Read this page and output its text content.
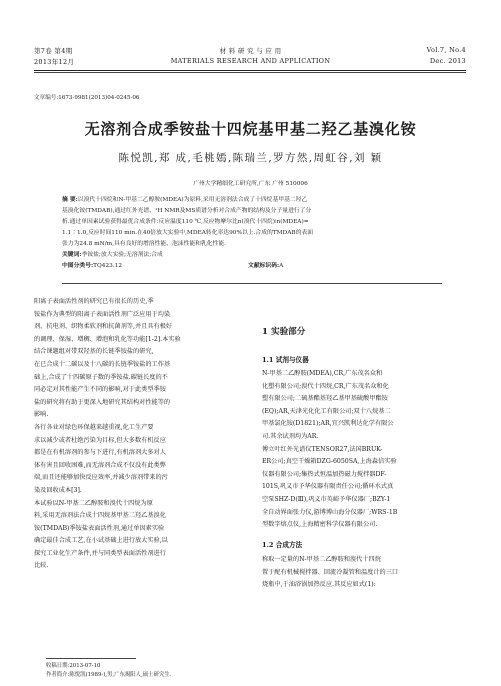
第7卷 第4期
2013年12月
材 料 研 究 与 应 用
MATERIALS RESEARCH AND APPLICATION
Vol.7, No.4
Dec. 2013
文章编号:1673-9981(2013)04-0245-06
无溶剂合成季铵盐十四烷基甲基二羟乙基溴化铵
陈悦凯,郑 成,毛桃嫣,陈瑞兰,罗方然,周虹谷,刘 颖
广州大学精细化工研究所,广东 广州 510006
摘 要:以溴代十四烷和N-甲基二乙醇胺(MDEA)为原料,采用无溶剂法合成了十四烷基甲基二羟乙
基溴化铵(TMDAB),通过红外光谱、¹H NMR及MS质谱分析对合成产物的结构及分子量进行了分
析.通过单因素试验获得最优合成条件:反应温度110 ℃,反应物摩尔比n(溴代十四烷)∶n(MDEA)=
1.1∶1.0,反应时间110 min.在40倍放大实验中,MDEA转化率达90%以上.合成的TMDAB的表面
张力为24.8 mN/m,具有良好的增溶性能、泡沫性能和乳化性能.
关键词:季铵盐;放大实验;无溶剂法;合成
中图分类号:TQ423.12	文献标识码:A
阳离子表面活性剂的研究已有很长的历史,季
铵盐作为典型的阳离子表面活性剂广泛应用于均染
剂、抗电剂、织物柔软剂和抗菌剂等,并且具有极好
的调理、保湿、增稠、增泡和乳化等功能[1-2].本实验
结合课题组对带双羟基的长链季铵盐的研究,
在已合成十二碳以及十八碳的长链季铵盐的工作基
础上,合成了十四碳原子数的季铵盐.碳链长度的不
同必定对其性能产生不同的影响,对于此类型季铵
盐的研究将有助于更深入地研究其结构对性能等的
影响.
各行各业对绿色环保越来越重视,化工生产要
求以减少或者杜绝污染为目标,但大多数有机反应
都是在有机溶剂的参与下进行,有机溶剂大多对人
体有害且回收困难,而无溶剂合成不仅没有此类弊
端,而且还能够加快反应效率,并减少溶剂带来的污
染及回收成本[3].
本试验以N-甲基二乙醇胺和溴代十四烷为原
料,采用无溶剂法合成十四烷基甲基二羟乙基溴化
铵(TMDAB)季铵盐表面活性剂,通过单因素实验
确定最佳合成工艺,在小试基础上进行放大实验,以
探究工业化生产条件,并与同类型表面活性剂进行
比较.
1 实验部分
1.1 试剂与仪器
N-甲基二乙醇胺(MDEA),CR,广东茂名众和
化塑有限公司;溴代十四烷,CR,广东茂名众和化
塑有限公司;二硫基酯基羟乙基甲基硫酸甲酯铵
(EQ);AR,天津光化化工有限公司;双十八烷基二
甲基氯化铵(D1821);AR,宜兴凯利达化学有限公
司.其余试剂均为AR.
傅立叶红外光谱仪TENSOR27,法国BRUK-
ER公司;真空干燥箱DZG-6050SA,上海森信实验
仪器有限公司;集热式恒温加热磁力搅拌器DF-
101S,巩义市予华仪器有限责任公司;循环水式真
空泵SHZ-D(Ⅲ),巩义市英峪予华仪器厂;BZY-1
全自动界面张力仪,游博博山海分仪器厂;WRS-1B
型数字熔点仪,上海精密科学仪器有限公司.
1.2 合成方法
称取一定量的N-甲基二乙醇胺和溴代十四烷
置于配有机械搅拌器、回流冷凝管和温度计的三口
烧瓶中,于油浴锅加热反应.其反应如式(1):
收稿日期:2013-07-10
作者简介:陈悦凯(1989-),男,广东揭阳人,硕士研究生.
